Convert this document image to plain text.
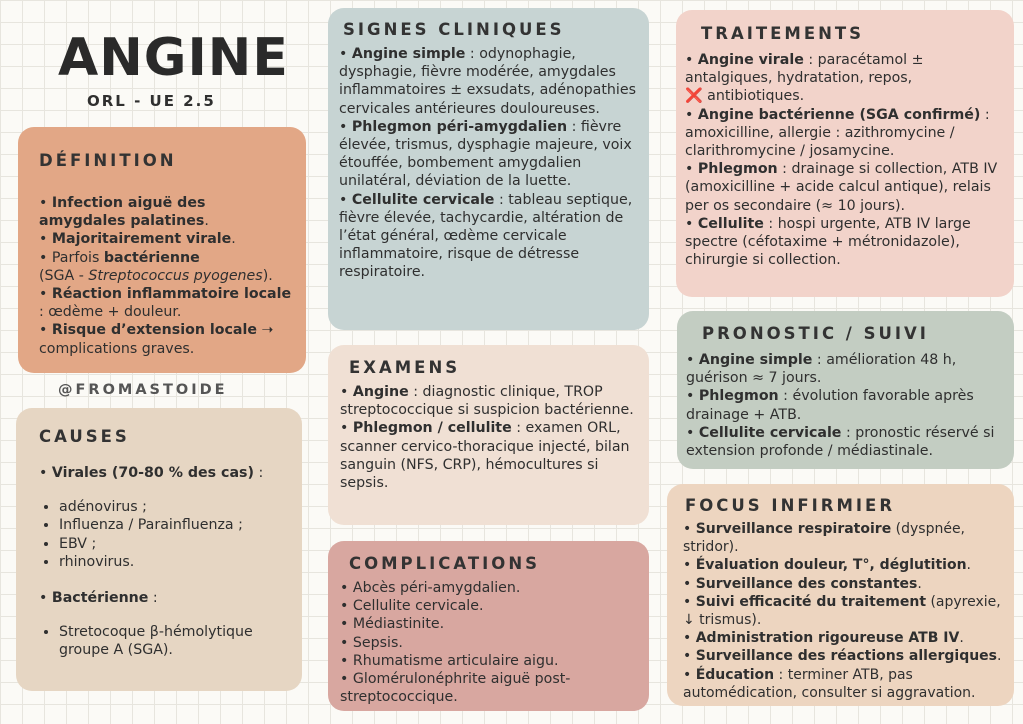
ANGINE
ORL - UE 2.5
@FROMASTOIDE
DÉFINITION

• Infection aiguë des amygdales palatines.

• Majoritairement virale.

• Parfois bactérienne
(SGA - Streptococcus pyogenes).

• Réaction inflammatoire locale : œdème + douleur.

• Risque d’extension locale ➝ complications graves.

CAUSES

• Virales (70-80 % des cas) :

• adénovirus ;
• Influenza / Parainfluenza ;
• EBV ;
• rhinovirus.

• Bactérienne :

• Stretocoque β-hémolytique groupe A (SGA).
SIGNES CLINIQUES

• Angine simple : odynophagie, dysphagie, fièvre modérée, amygdales inflammatoires ± exsudats, adénopathies cervicales antérieures douloureuses.

• Phlegmon péri-amygdalien : fièvre élevée, trismus, dysphagie majeure, voix étouffée, bombement amygdalien unilatéral, déviation de la luette.

• Cellulite cervicale : tableau septique, fièvre élevée, tachycardie, altération de l’état général, œdème cervicale inflammatoire, risque de détresse respiratoire.

EXAMENS

• Angine : diagnostic clinique, TROP streptococcique si suspicion bactérienne.

• Phlegmon / cellulite : examen ORL, scanner cervico-thoracique injecté, bilan sanguin (NFS, CRP), hémocultures si sepsis.

COMPLICATIONS

• Abcès péri-amygdalien.

• Cellulite cervicale.

• Médiastinite.

• Sepsis.

• Rhumatisme articulaire aigu.

• Glomérulonéphrite aiguë post-streptococcique.

TRAITEMENTS

• Angine virale : paracétamol ± antalgiques, hydratation, repos,
❌ antibiotiques.

• Angine bactérienne (SGA confirmé) : amoxicilline, allergie : azithromycine / clarithromycine / josamycine.

• Phlegmon : drainage si collection, ATB IV (amoxicilline + acide calcul antique), relais per os secondaire (≈ 10 jours).

• Cellulite : hospi urgente, ATB IV large spectre (céfotaxime + métronidazole), chirurgie si collection.

PRONOSTIC / SUIVI

• Angine simple : amélioration 48 h, guérison ≈ 7 jours.

• Phlegmon : évolution favorable après drainage + ATB.

• Cellulite cervicale : pronostic réservé si extension profonde / médiastinale.

FOCUS INFIRMIER

• Surveillance respiratoire (dyspnée, stridor).

• Évaluation douleur, T°, déglutition.

• Surveillance des constantes.

• Suivi efficacité du traitement (apyrexie, ↓ trismus).

• Administration rigoureuse ATB IV.

• Surveillance des réactions allergiques.

• Éducation : terminer ATB, pas automédication, consulter si aggravation.
